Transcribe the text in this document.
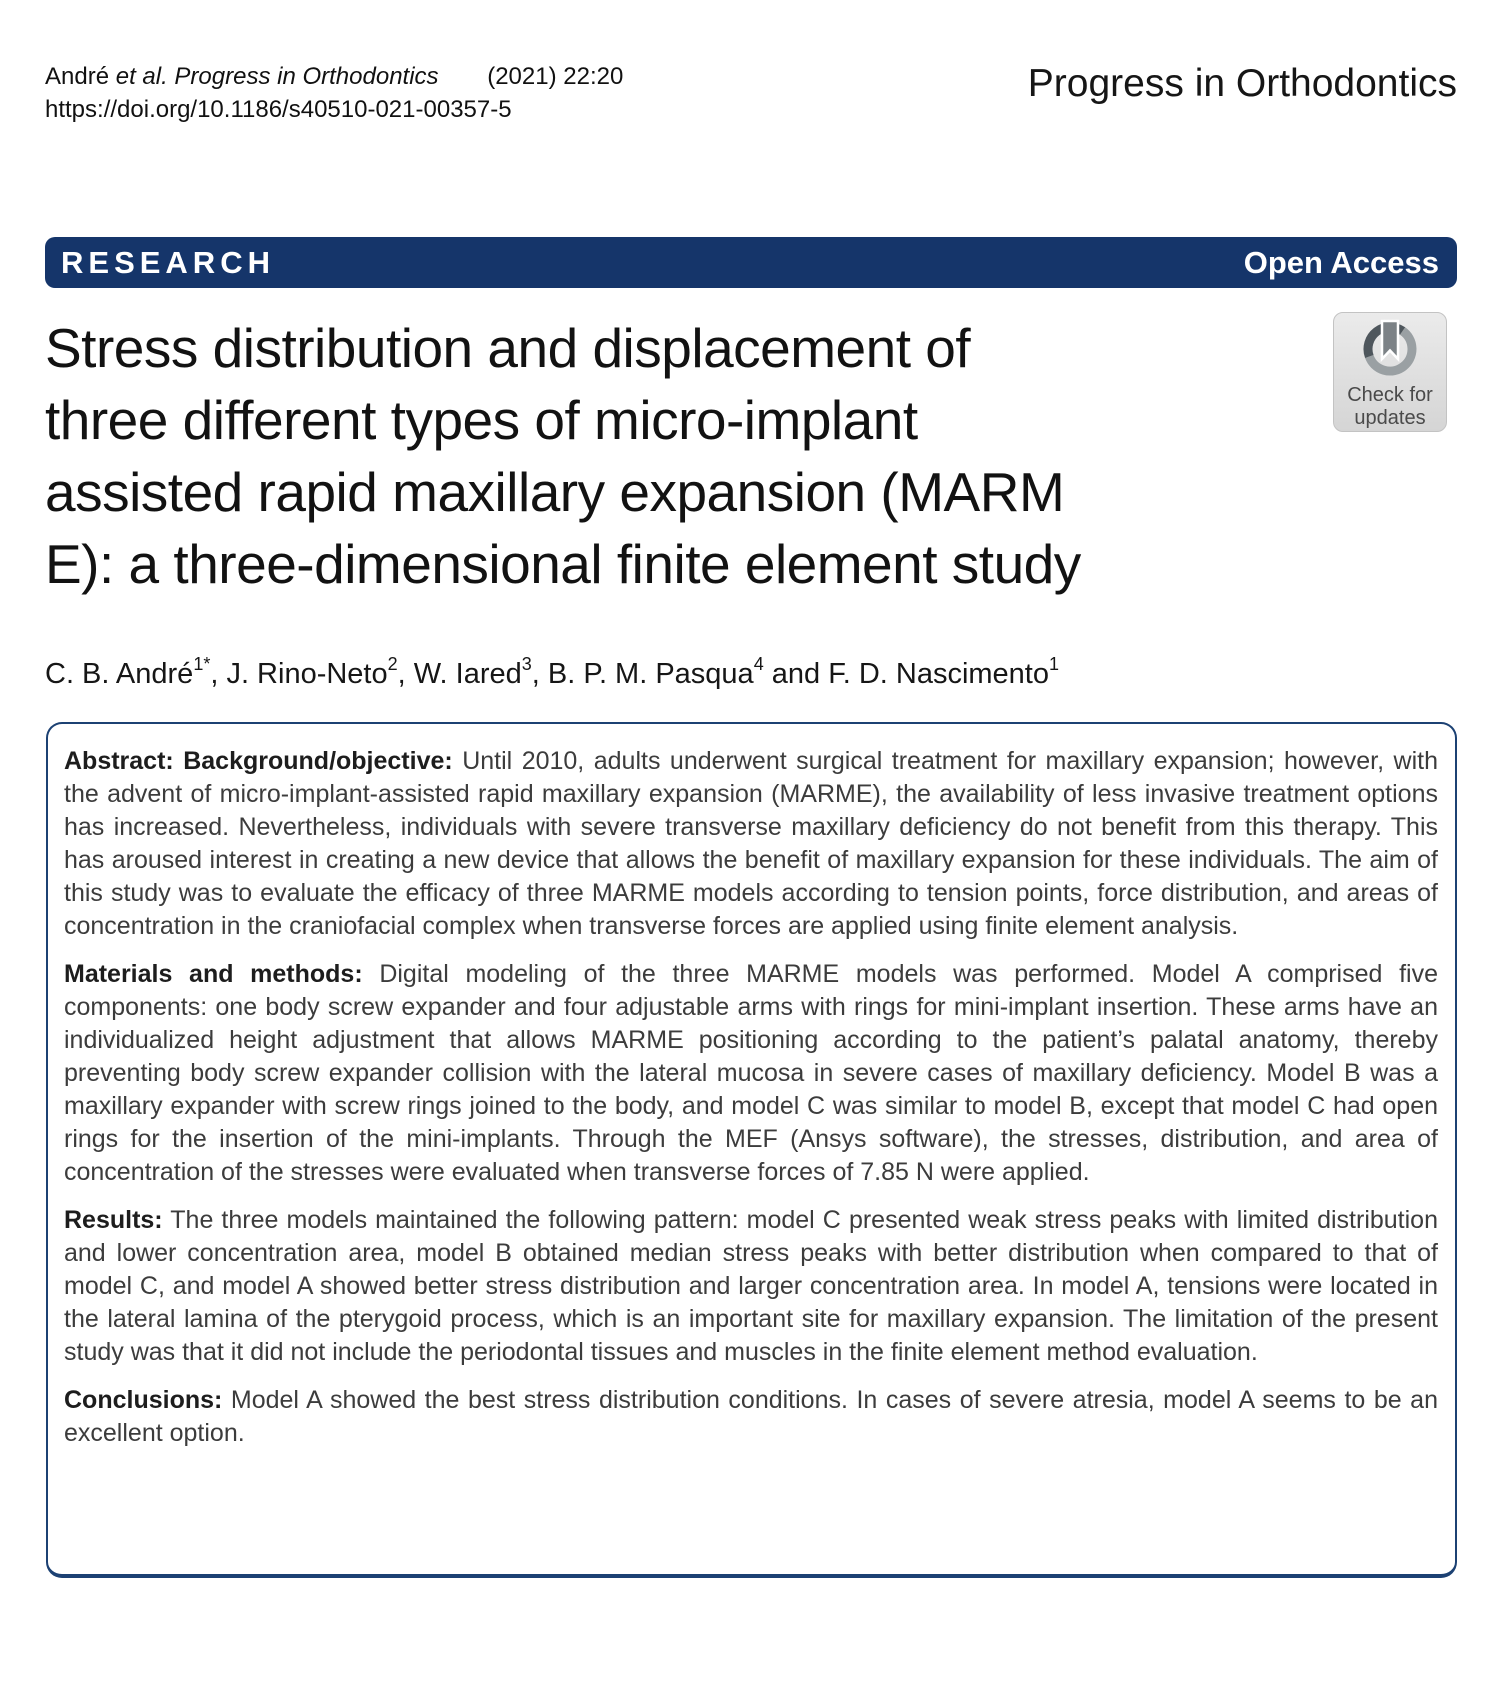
André et al. Progress in Orthodontics (2021) 22:20
https://doi.org/10.1186/s40510-021-00357-5
Progress in Orthodontics
RESEARCH	Open Access
Stress distribution and displacement of
three different types of micro-implant
assisted rapid maxillary expansion (MARM
E): a three-dimensional finite element study
Check for
updates
C. B. André$^{1*}$, J. Rino-Neto$^2$, W. Iared$^3$, B. P. M. Pasqua$^4$ and F. D. Nascimento$^1$

Abstract: Background/objective: Until 2010, adults underwent surgical treatment for maxillary expansion; however, with the advent of micro-implant-assisted rapid maxillary expansion (MARME), the availability of less invasive treatment options has increased. Nevertheless, individuals with severe transverse maxillary deficiency do not benefit from this therapy. This has aroused interest in creating a new device that allows the benefit of maxillary expansion for these individuals. The aim of this study was to evaluate the efficacy of three MARME models according to tension points, force distribution, and areas of concentration in the craniofacial complex when transverse forces are applied using finite element analysis.

Materials and methods: Digital modeling of the three MARME models was performed. Model A comprised five components: one body screw expander and four adjustable arms with rings for mini-implant insertion. These arms have an individualized height adjustment that allows MARME positioning according to the patient’s palatal anatomy, thereby preventing body screw expander collision with the lateral mucosa in severe cases of maxillary deficiency. Model B was a maxillary expander with screw rings joined to the body, and model C was similar to model B, except that model C had open rings for the insertion of the mini-implants. Through the MEF (Ansys software), the stresses, distribution, and area of concentration of the stresses were evaluated when transverse forces of 7.85 N were applied.

Results: The three models maintained the following pattern: model C presented weak stress peaks with limited distribution and lower concentration area, model B obtained median stress peaks with better distribution when compared to that of model C, and model A showed better stress distribution and larger concentration area. In model A, tensions were located in the lateral lamina of the pterygoid process, which is an important site for maxillary expansion. The limitation of the present study was that it did not include the periodontal tissues and muscles in the finite element method evaluation.

Conclusions: Model A showed the best stress distribution conditions. In cases of severe atresia, model A seems to be an excellent option.
